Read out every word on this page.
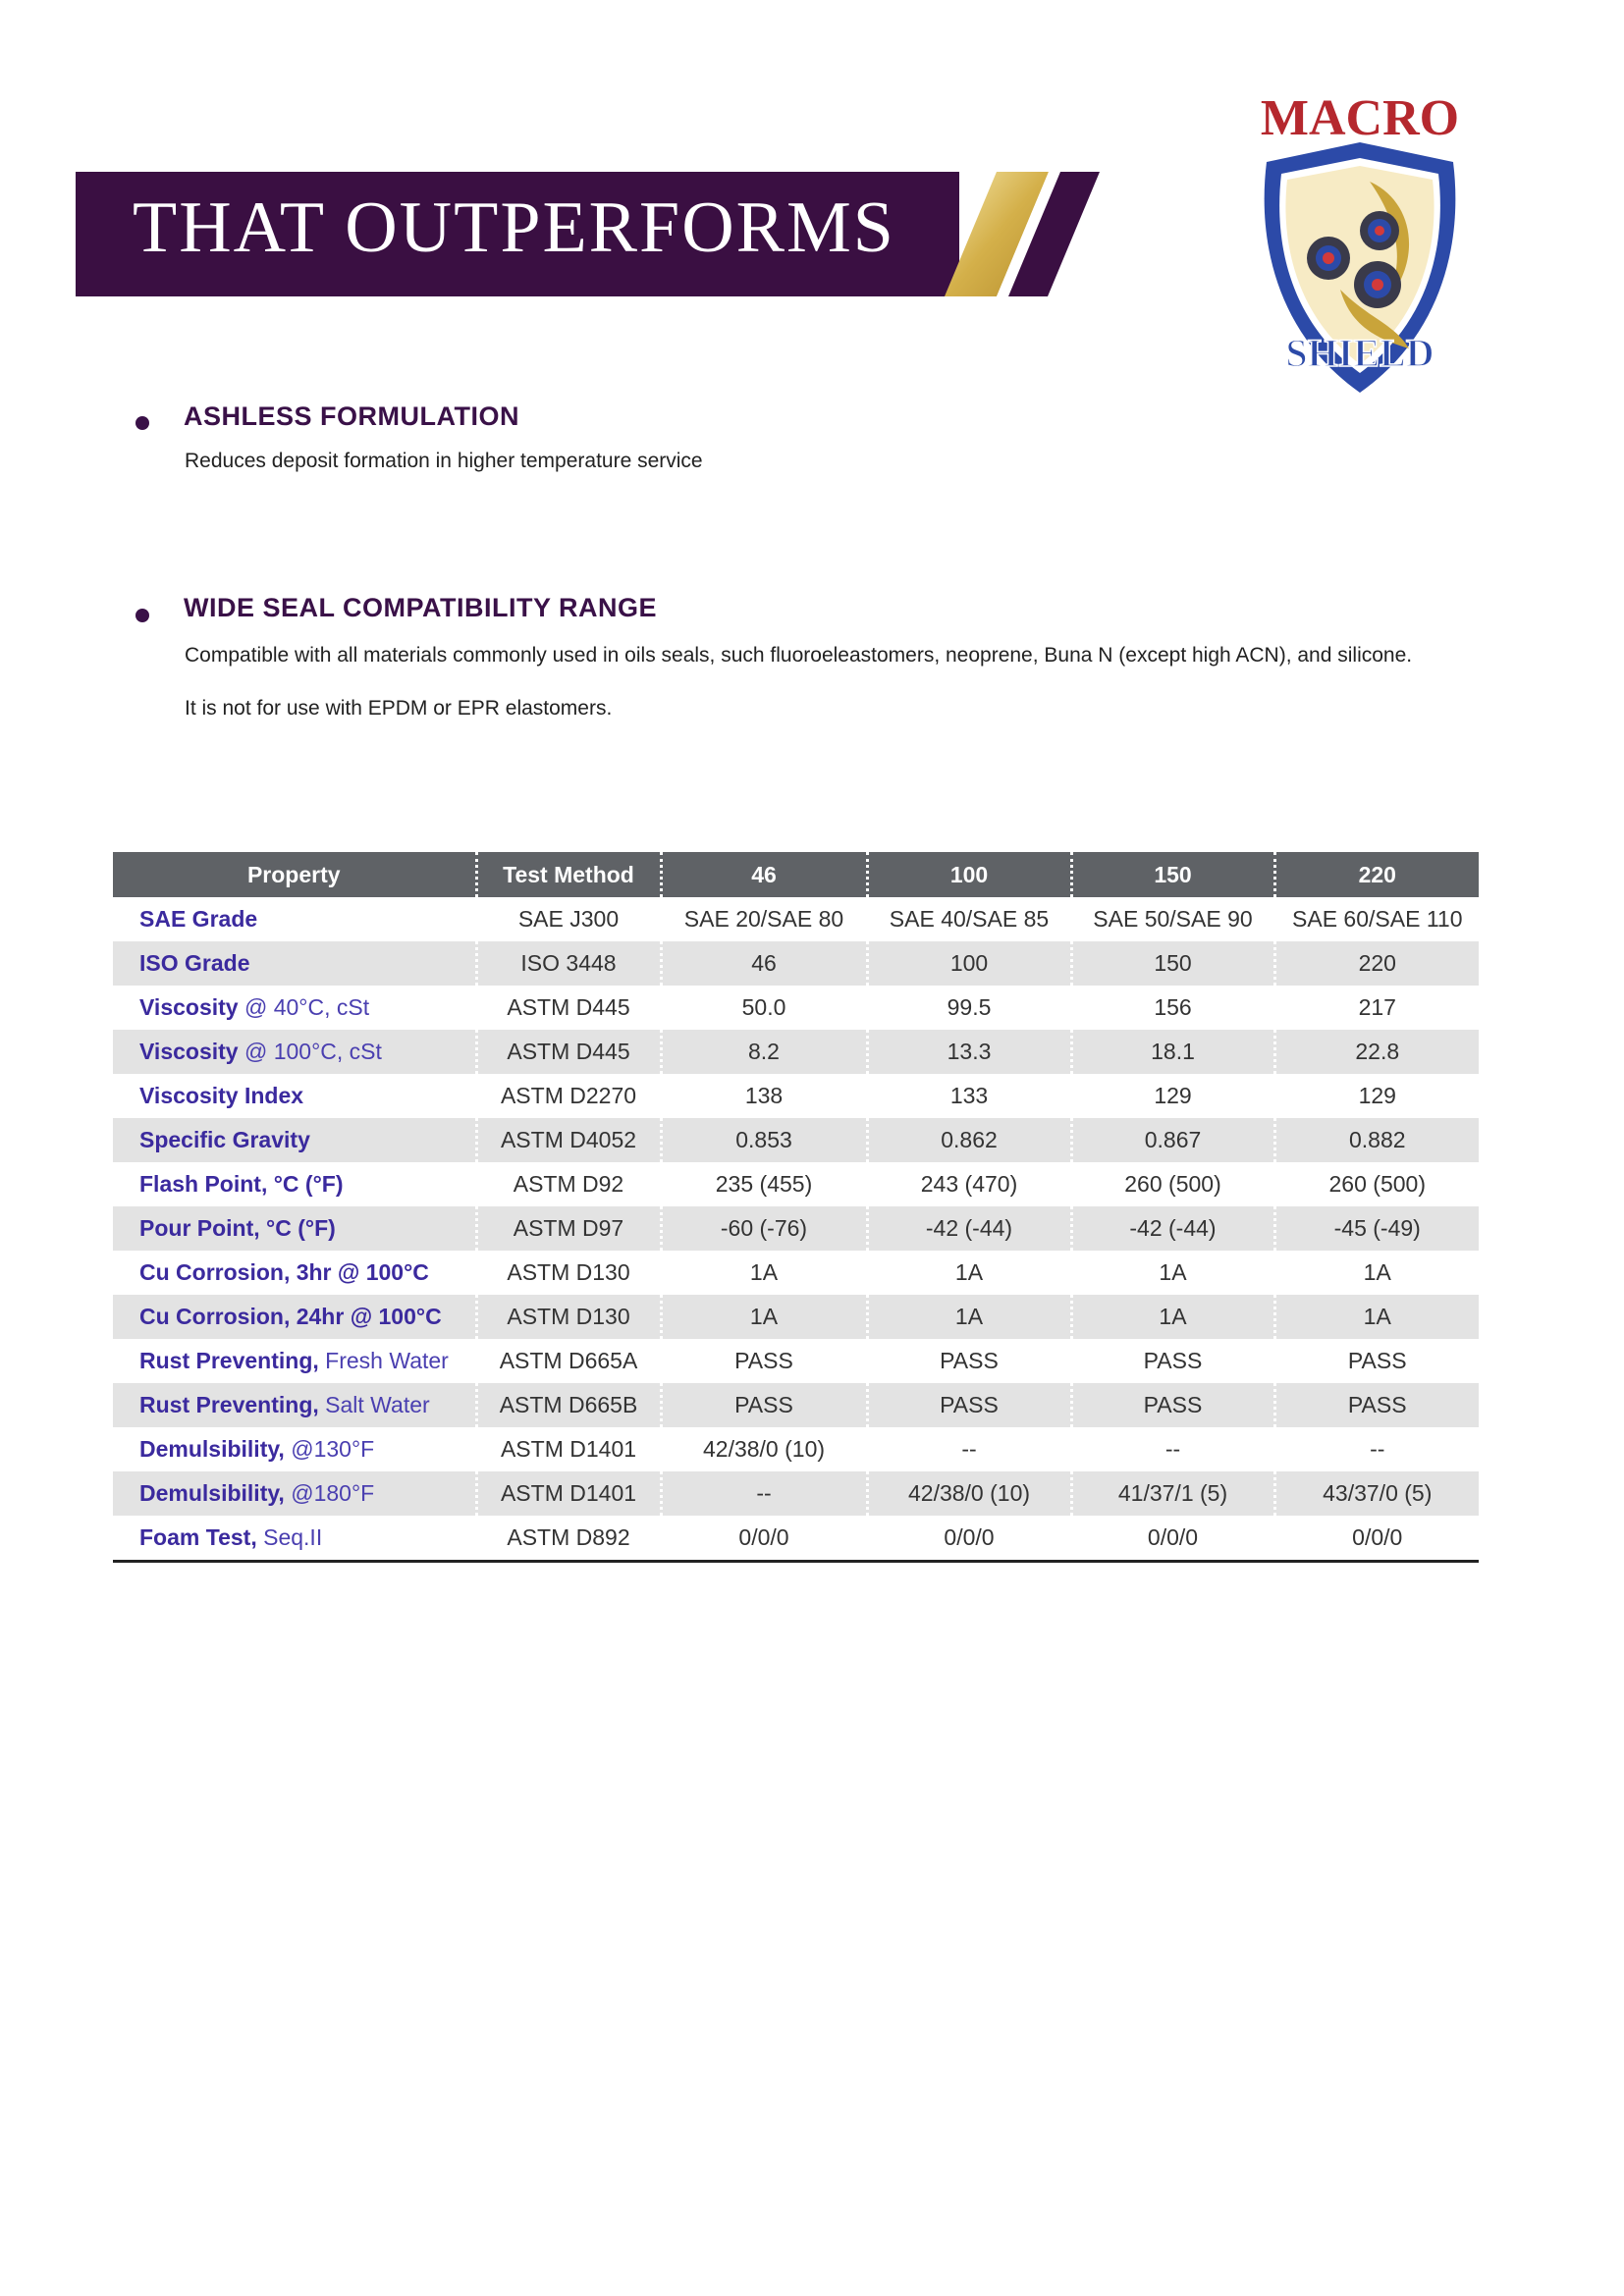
THAT OUTPERFORMS
MACRO
SHIELD
ASHLESS FORMULATION
Reduces deposit formation in higher temperature service
WIDE SEAL COMPATIBILITY RANGE
Compatible with all materials commonly used in oils seals, such fluoroeleastomers, neoprene, Buna N (except high ACN), and silicone.
It is not for use with EPDM or EPR elastomers.
Property	Test Method	46	100	150	220
SAE Grade	SAE J300	SAE 20/SAE 80	SAE 40/SAE 85	SAE 50/SAE 90	SAE 60/SAE 110
ISO Grade	ISO 3448	46	100	150	220
Viscosity @ 40°C, cSt	ASTM D445	50.0	99.5	156	217
Viscosity @ 100°C, cSt	ASTM D445	8.2	13.3	18.1	22.8
Viscosity Index	ASTM D2270	138	133	129	129
Specific Gravity	ASTM D4052	0.853	0.862	0.867	0.882
Flash Point, °C (°F)	ASTM D92	235 (455)	243 (470)	260 (500)	260 (500)
Pour Point, °C (°F)	ASTM D97	-60 (-76)	-42 (-44)	-42 (-44)	-45 (-49)
Cu Corrosion, 3hr @ 100°C	ASTM D130	1A	1A	1A	1A
Cu Corrosion, 24hr @ 100°C	ASTM D130	1A	1A	1A	1A
Rust Preventing, Fresh Water	ASTM D665A	PASS	PASS	PASS	PASS
Rust Preventing, Salt Water	ASTM D665B	PASS	PASS	PASS	PASS
Demulsibility, @130°F	ASTM D1401	42/38/0 (10)	--	--	--
Demulsibility, @180°F	ASTM D1401	--	42/38/0 (10)	41/37/1 (5)	43/37/0 (5)
Foam Test, Seq.II	ASTM D892	0/0/0	0/0/0	0/0/0	0/0/0
